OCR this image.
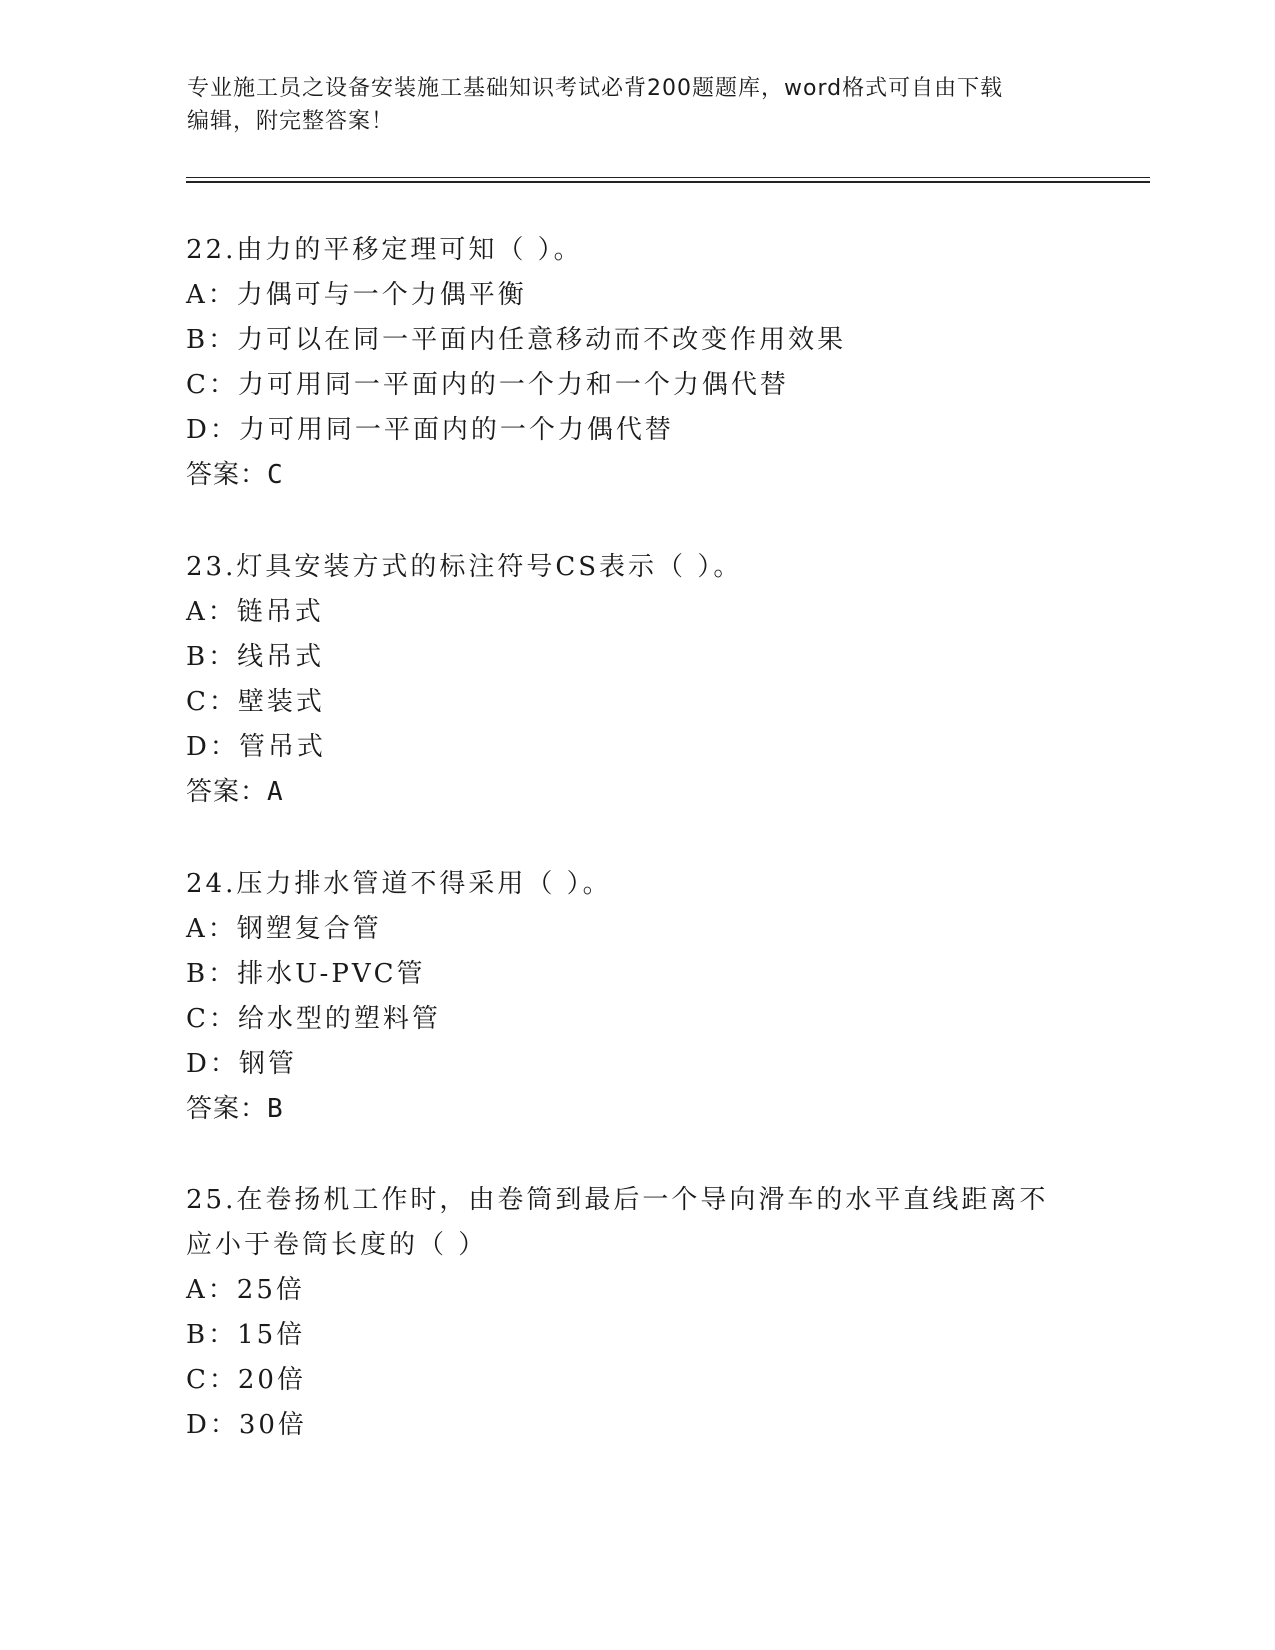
专业施工员之设备安装施工基础知识考试必背200题题库，word格式可自由下载
编辑，附完整答案！
22.由力的平移定理可知（ ）。
A：力偶可与一个力偶平衡
B：力可以在同一平面内任意移动而不改变作用效果
C：力可用同一平面内的一个力和一个力偶代替
D：力可用同一平面内的一个力偶代替
答案：C
23.灯具安装方式的标注符号CS表示（ ）。
A：链吊式
B：线吊式
C：壁装式
D：管吊式
答案：A
24.压力排水管道不得采用（ ）。
A：钢塑复合管
B：排水U-PVC管
C：给水型的塑料管
D：钢管
答案：B
25.在卷扬机工作时，由卷筒到最后一个导向滑车的水平直线距离不应小于卷筒长度的（ ）
A：25倍
B：15倍
C：20倍
D：30倍
